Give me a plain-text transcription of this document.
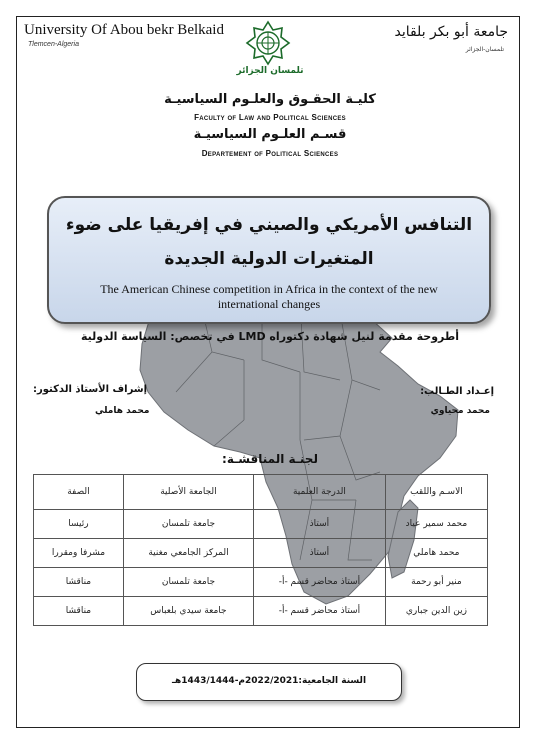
University Of Abou bekr Belkaid
Tlemcen-Algeria
جامعة أبو بكر بلقايد
تلمسان-الجزائر
تلمسان الجزائر
كليـة الحقـوق والعلـوم السياسيـة
Faculty of Law and Political Sciences
قسـم العلـوم السياسيـة
Departement of Political Sciences
التنافس الأمريكي والصيني في إفريقيا على ضوء المتغيرات الدولية الجديدة
The American Chinese competition in Africa in the context of the new international changes
أطروحة مقدمة لنيل شهادة دكتوراه LMD في تخصص: السياسة الدولية
إعـداد الطـالب:
محمد محياوي
إشراف الأستاذ الدكتور:
محمد هاملي
لجنـة المناقشـة:
الاسـم واللقب	الدرجة العلمية	الجامعة الأصلية	الصفة
محمد سمير عياد	أستاذ	جامعة تلمسان	رئيسا
محمد هاملي	أستاذ	المركز الجامعي مغنية	مشرفا ومقررا
منير أبو رحمة	أستاذ محاضر قسم -أ-	جامعة تلمسان	مناقشا
زين الدين جباري	أستاذ محاضر قسم -أ-	جامعة سيدي بلعباس	مناقشا
السنة الجامعية:2022/2021م-1443/1444هـ
